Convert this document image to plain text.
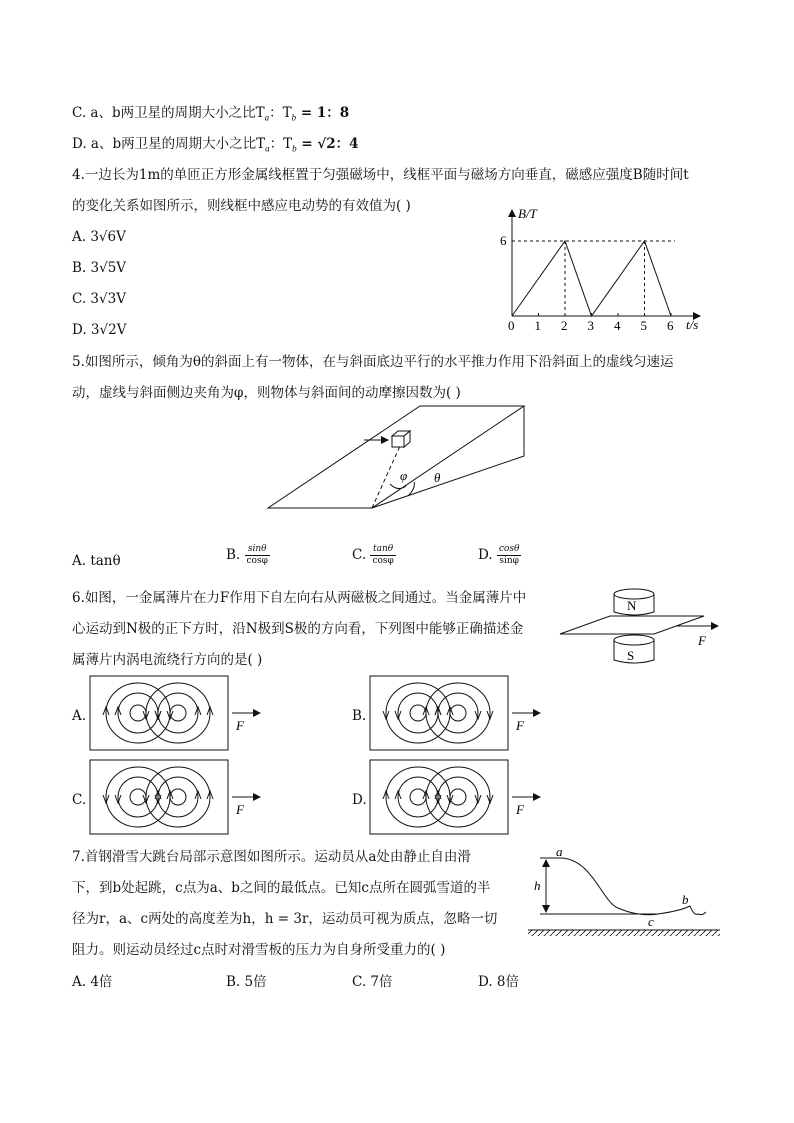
C. a、b两卫星的周期大小之比$T_a$：$T_b = 1$：8
D. a、b两卫星的周期大小之比$T_a$：$T_b = √2$：4
4.一边长为1m的单匝正方形金属线框置于匀强磁场中，线框平面与磁场方向垂直，磁感应强度B随时间t
的变化关系如图所示，则线框中感应电动势的有效值为( )
A. 3√6V
B. 3√5V
C. 3√3V
D. 3√2V
B/T
t/s
6
0 1 2 3 4 5 6
5.如图所示，倾角为θ的斜面上有一物体，在与斜面底边平行的水平推力作用下沿斜面上的虚线匀速运
动，虚线与斜面侧边夹角为φ，则物体与斜面间的动摩擦因数为( )
φ θ
A. tanθ	B. $\frac{\sin\theta}{\cos\varphi}$	C. $\frac{\tan\theta}{\cos\varphi}$	D. $\frac{\cos\theta}{\sin\varphi}$
6.如图，一金属薄片在力F作用下自左向右从两磁极之间通过。当金属薄片中
心运动到N极的正下方时，沿N极到S极的方向看，下列图中能够正确描述金
属薄片内涡电流绕行方向的是( )
N
S
F
A.	B.
C.	D.
F	F
F	F
7.首钢滑雪大跳台局部示意图如图所示。运动员从a处由静止自由滑
下，到b处起跳，c点为a、b之间的最低点。已知c点所在圆弧雪道的半
径为r，a、c两处的高度差为h，h = 3r，运动员可视为质点，忽略一切
阻力。则运动员经过c点时对滑雪板的压力为自身所受重力的( )
a
h
c
b
A. 4倍	B. 5倍	C. 7倍	D. 8倍
